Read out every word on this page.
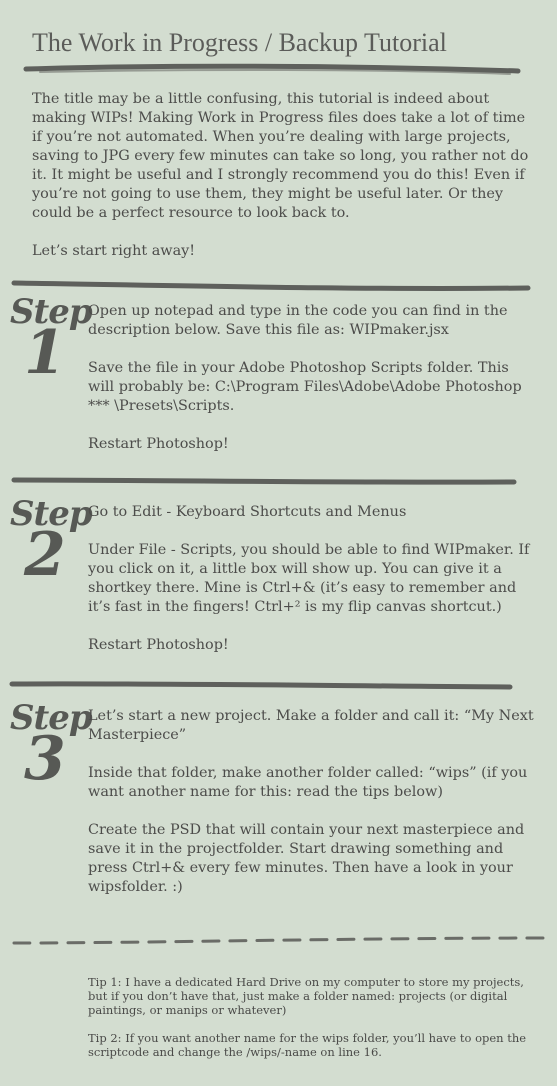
The Work in Progress / Backup Tutorial

The title may be a little confusing, this tutorial is indeed about making WIPs! Making Work in Progress files does take a lot of time if you’re not automated. When you’re dealing with large projects, saving to JPG every few minutes can take so long, you rather not do it. It might be useful and I strongly recommend you do this! Even if you’re not going to use them, they might be useful later. Or they could be a perfect resource to look back to.

Let’s start right away!

Step
1

Open up notepad and type in the code you can find in the description below. Save this file as: WIPmaker.jsx

Save the file in your Adobe Photoshop Scripts folder. This will probably be: C:\Program Files\Adobe\Adobe Photoshop *** \Presets\Scripts.

Restart Photoshop!

Step
2

Go to Edit - Keyboard Shortcuts and Menus

Under File - Scripts, you should be able to find WIPmaker. If you click on it, a little box will show up. You can give it a shortkey there. Mine is Ctrl+& (it’s easy to remember and it’s fast in the fingers! Ctrl+² is my flip canvas shortcut.)

Restart Photoshop!

Step
3

Let’s start a new project. Make a folder and call it: “My Next Masterpiece”

Inside that folder, make another folder called: “wips” (if you want another name for this: read the tips below)

Create the PSD that will contain your next masterpiece and save it in the projectfolder. Start drawing something and press Ctrl+& every few minutes. Then have a look in your wipsfolder. :)

Tip 1: I have a dedicated Hard Drive on my computer to store my projects, but if you don’t have that, just make a folder named: projects (or digital paintings, or manips or whatever)

Tip 2: If you want another name for the wips folder, you’ll have to open the scriptcode and change the /wips/-name on line 16.
